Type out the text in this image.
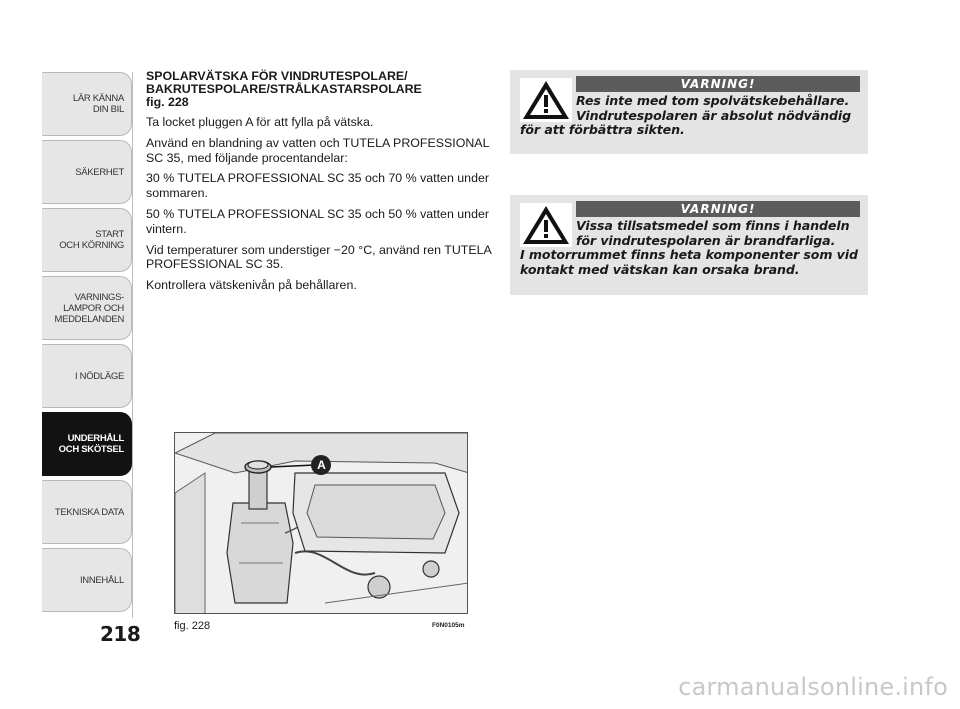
LÄR KÄNNA
DIN BIL
SÄKERHET
START
OCH KÖRNING
VARNINGS-
LAMPOR OCH
MEDDELANDEN
I NÖDLÄGE
UNDERHÅLL
OCH SKÖTSEL
TEKNISKA DATA
INNEHÅLL
218
SPOLARVÄTSKA FÖR VINDRUTESPOLARE/ BAKRUTESPOLARE/STRÅLKASTARSPOLARE
fig. 228

Ta locket pluggen A för att fylla på vätska.

Använd en blandning av vatten och TUTELA PROFESSIONAL SC 35, med följande procentandelar:

30 % TUTELA PROFESSIONAL SC 35 och 70 % vatten under sommaren.

50 % TUTELA PROFESSIONAL SC 35 och 50 % vatten under vintern.

Vid temperaturer som understiger −20 °C, använd ren TUTELA PROFESSIONAL SC 35.

Kontrollera vätskenivån på behållaren.

VARNING!
Res inte med tom spolvätskebehållare.
Vindrutespolaren är absolut nödvändig
för att förbättra sikten.
VARNING!
Vissa tillsatsmedel som finns i handeln
för vindrutespolaren är brandfarliga.
I motorrummet finns heta komponenter som vid
kontakt med vätskan kan orsaka brand.
A
fig. 228	F0N0105m
carmanualsonline.info
